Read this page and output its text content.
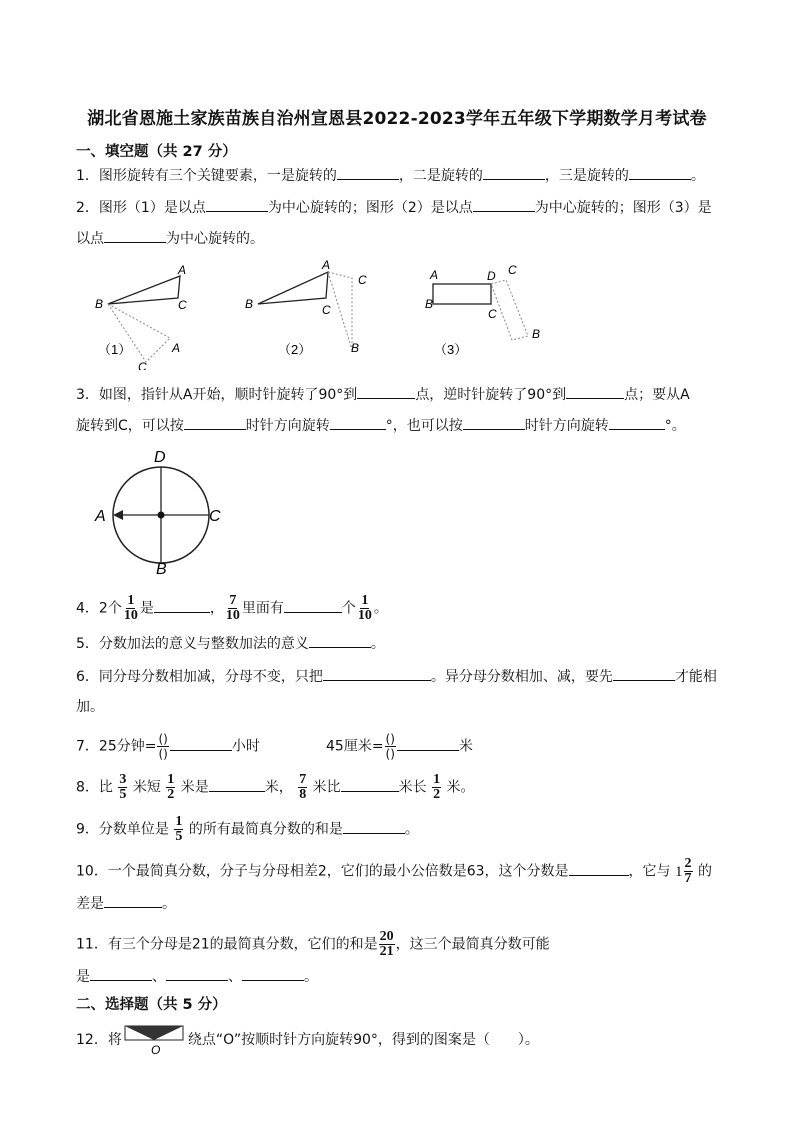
湖北省恩施土家族苗族自治州宣恩县2022-2023学年五年级下学期数学月考试卷
一、填空题（共 27 分）
1．图形旋转有三个关键要素，一是旋转的	，二是旋转的	，三是旋转的	。
2．图形（1）是以点	为中心旋转的；图形（2）是以点	为中心旋转的；图形（3）是
以点	为中心旋转的。
A
B	C
A
C
（1）
A
B	C
C
B
（2）
A	D C
B
C
B
（3）
3．如图，指针从A开始，顺时针旋转了90°到	点，逆时针旋转了90°到	点；要从A
旋转到C，可以按	时针方向旋转	°，也可以按	时针方向旋转	°。
D
A	C
B
4．2个 $\frac{1}{10}$ 是	， $\frac{7}{10}$ 里面有	个 $\frac{1}{10}$ 。
5．分数加法的意义与整数加法的意义	。
6．同分母分数相加减，分母不变，只把	。异分母分数相加、减，要先	才能相
加。
7．25分钟= $\frac{()}{()}$	小时	45厘米= $\frac{()}{()}$	米
8．比 $\frac{3}{5}$ 米短 $\frac{1}{2}$ 米是	米， $\frac{7}{8}$ 米比	米长 $\frac{1}{2}$ 米。
9．分数单位是 $\frac{1}{5}$ 的所有最简真分数的和是	。
10．一个最简真分数，分子与分母相差2，它们的最小公倍数是63，这个分数是	，它与 $1 \frac{2}{7}$ 的
差是	。
11．有三个分母是21的最简真分数，它们的和是 $\frac{20}{21}$ ，这三个最简真分数可能
是	、	、	。
二、选择题（共 5 分）
12．将
O
绕点“O”按顺时针方向旋转90°，得到的图案是（　　）。
